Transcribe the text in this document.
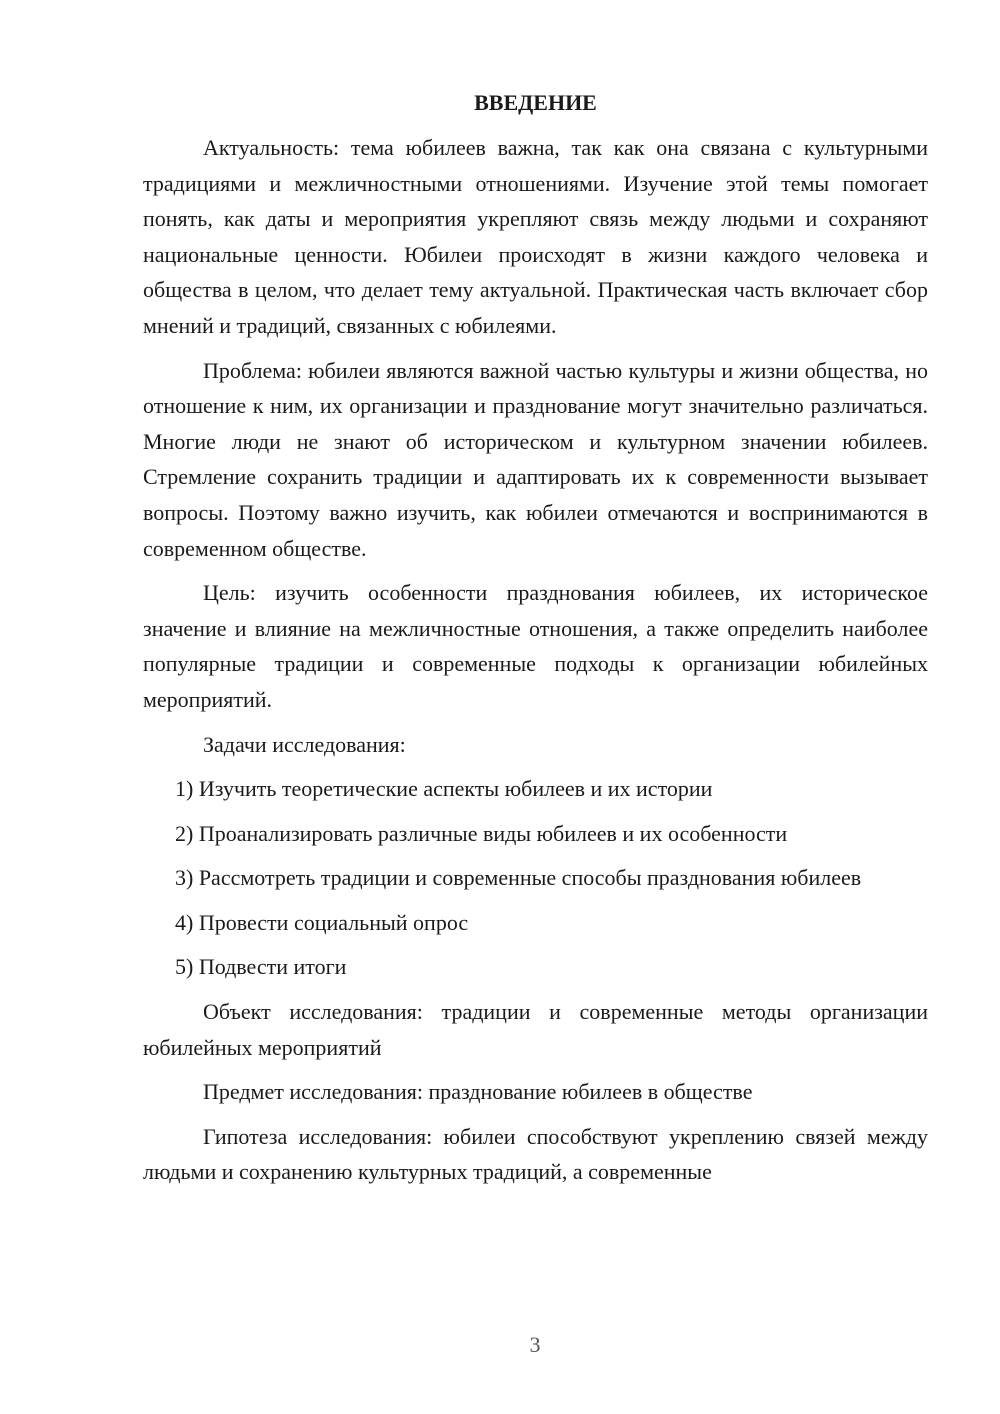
ВВЕДЕНИЕ

Актуальность: тема юбилеев важна, так как она связана с культурными традициями и межличностными отношениями. Изучение этой темы помогает понять, как даты и мероприятия укрепляют связь между людьми и сохраняют национальные ценности. Юбилеи происходят в жизни каждого человека и общества в целом, что делает тему актуальной. Практическая часть включает сбор мнений и традиций, связанных с юбилеями.

Проблема: юбилеи являются важной частью культуры и жизни общества, но отношение к ним, их организации и празднование могут значительно различаться. Многие люди не знают об историческом и культурном значении юбилеев. Стремление сохранить традиции и адаптировать их к современности вызывает вопросы. Поэтому важно изучить, как юбилеи отмечаются и воспринимаются в современном обществе.

Цель: изучить особенности празднования юбилеев, их историческое значение и влияние на межличностные отношения, а также определить наиболее популярные традиции и современные подходы к организации юбилейных мероприятий.

Задачи исследования:

1) Изучить теоретические аспекты юбилеев и их истории

2) Проанализировать различные виды юбилеев и их особенности

3) Рассмотреть традиции и современные способы празднования юбилеев

4) Провести социальный опрос

5) Подвести итоги

Объект исследования: традиции и современные методы организации юбилейных мероприятий

Предмет исследования: празднование юбилеев в обществе

Гипотеза исследования: юбилеи способствуют укреплению связей между людьми и сохранению культурных традиций, а современные

3
